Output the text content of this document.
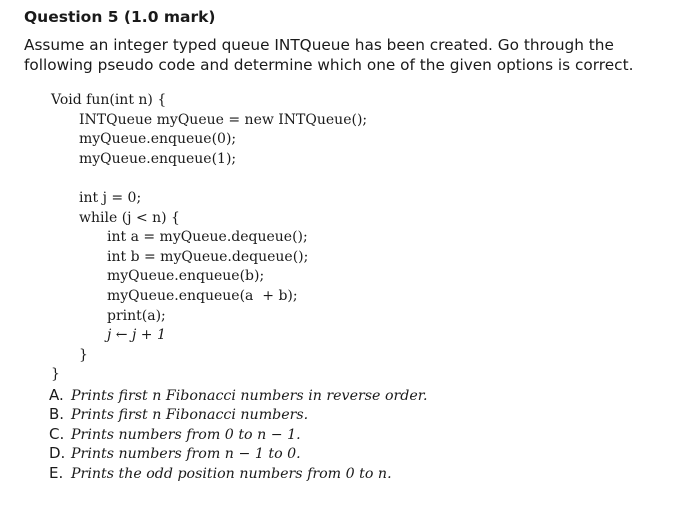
Question 5 (1.0 mark)
Assume an integer typed queue INTQueue has been created. Go through the
following pseudo code and determine which one of the given options is correct.
Void fun(int n) {
INTQueue myQueue = new INTQueue();
myQueue.enqueue(0);
myQueue.enqueue(1);
int j = 0;
while (j < n) {
int a = myQueue.dequeue();
int b = myQueue.dequeue();
myQueue.enqueue(b);
myQueue.enqueue(a  + b);
print(a);
j ← j + 1
}
}
A. Prints first n Fibonacci numbers in reverse order.
B. Prints first n Fibonacci numbers.
C. Prints numbers from 0 to n − 1.
D. Prints numbers from n − 1 to 0.
E. Prints the odd position numbers from 0 to n.
